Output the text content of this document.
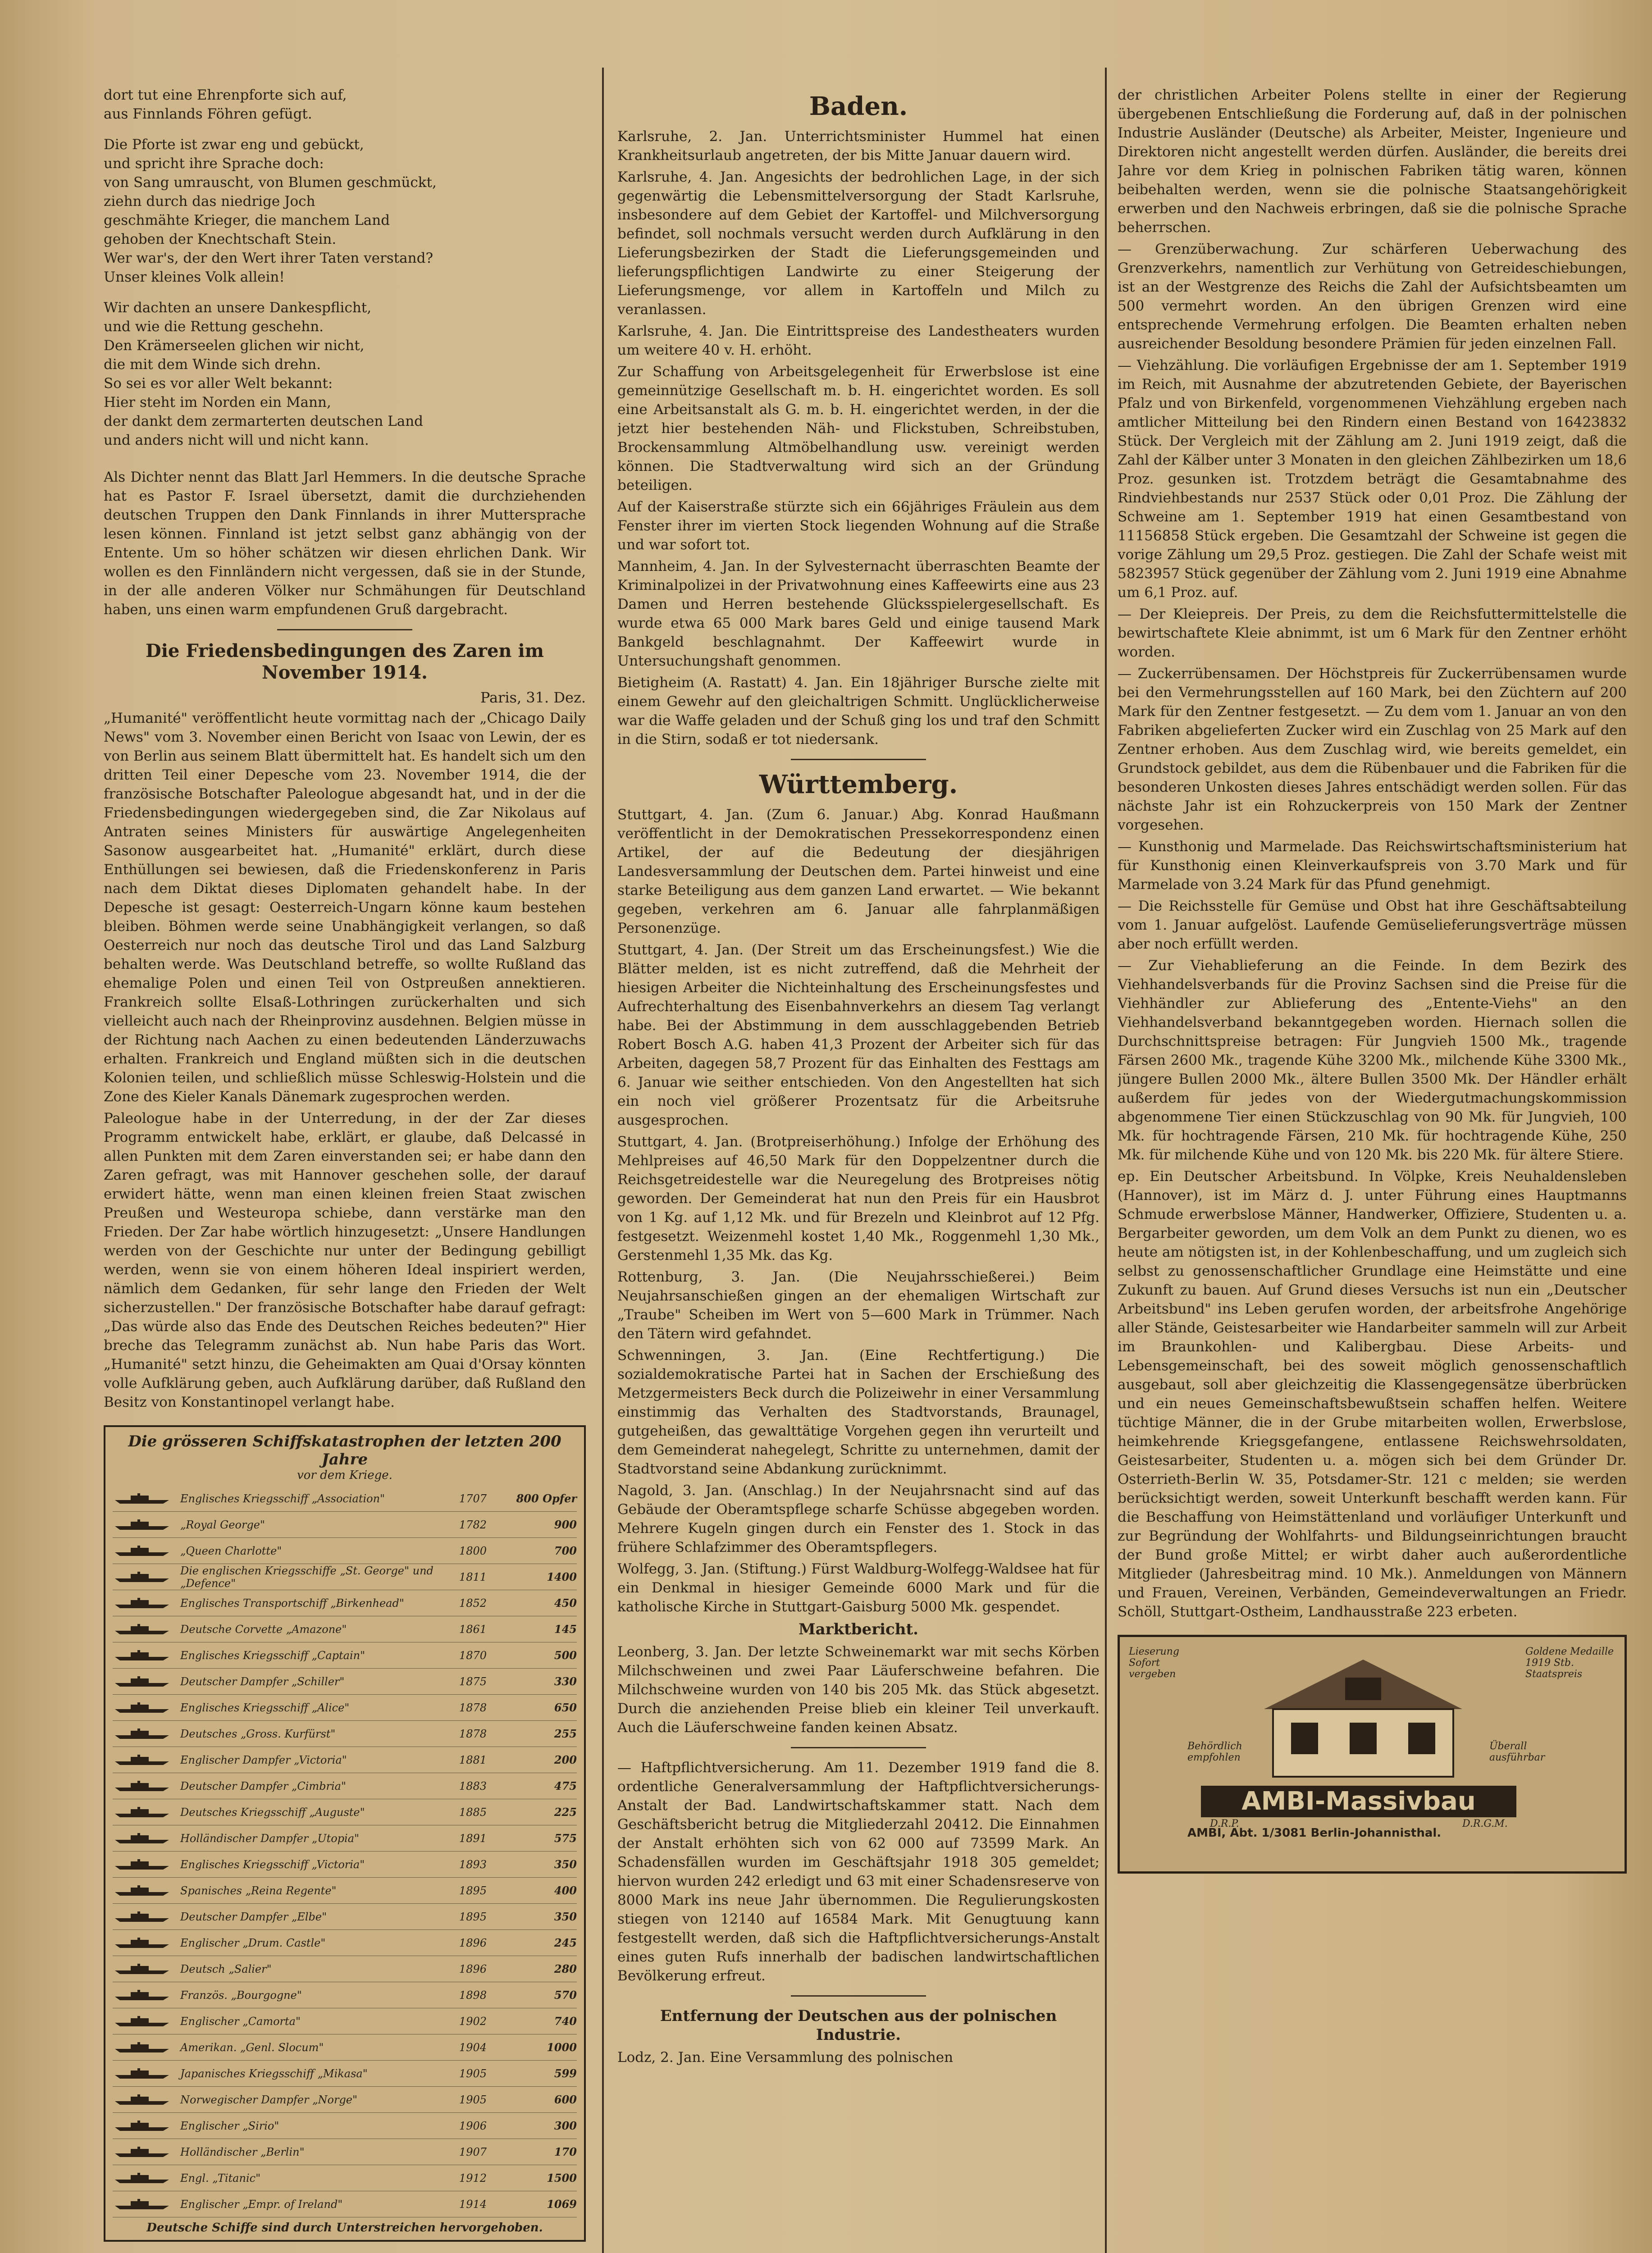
dort tut eine Ehrenpforte sich auf,

aus Finnlands Föhren gefügt.

Die Pforte ist zwar eng und gebückt,

und spricht ihre Sprache doch:

von Sang umrauscht, von Blumen geschmückt,

ziehn durch das niedrige Joch

geschmähte Krieger, die manchem Land

gehoben der Knechtschaft Stein.

Wer war's, der den Wert ihrer Taten verstand?

Unser kleines Volk allein!

Wir dachten an unsere Dankespflicht,

und wie die Rettung geschehn.

Den Krämerseelen glichen wir nicht,

die mit dem Winde sich drehn.

So sei es vor aller Welt bekannt:

Hier steht im Norden ein Mann,

der dankt dem zermarterten deutschen Land

und anders nicht will und nicht kann.

Als Dichter nennt das Blatt Jarl Hemmers. In die deutsche Sprache hat es Pastor F. Israel übersetzt, damit die durchziehenden deutschen Truppen den Dank Finnlands in ihrer Muttersprache lesen können. Finnland ist jetzt selbst ganz abhängig von der Entente. Um so höher schätzen wir diesen ehrlichen Dank. Wir wollen es den Finnländern nicht vergessen, daß sie in der Stunde, in der alle anderen Völker nur Schmähungen für Deutschland haben, uns einen warm empfundenen Gruß dargebracht.

Die Friedensbedingungen des Zaren im November 1914.

Paris, 31. Dez.

„Humanité" veröffentlicht heute vormittag nach der „Chicago Daily News" vom 3. November einen Bericht von Isaac von Lewin, der es von Berlin aus seinem Blatt übermittelt hat. Es handelt sich um den dritten Teil einer Depesche vom 23. November 1914, die der französische Botschafter Paleologue abgesandt hat, und in der die Friedensbedingungen wiedergegeben sind, die Zar Nikolaus auf Antraten seines Ministers für auswärtige Angelegenheiten Sasonow ausgearbeitet hat. „Humanité" erklärt, durch diese Enthüllungen sei bewiesen, daß die Friedenskonferenz in Paris nach dem Diktat dieses Diplomaten gehandelt habe. In der Depesche ist gesagt: Oesterreich-Ungarn könne kaum bestehen bleiben. Böhmen werde seine Unabhängigkeit verlangen, so daß Oesterreich nur noch das deutsche Tirol und das Land Salzburg behalten werde. Was Deutschland betreffe, so wollte Rußland das ehemalige Polen und einen Teil von Ostpreußen annektieren. Frankreich sollte Elsaß-Lothringen zurückerhalten und sich vielleicht auch nach der Rheinprovinz ausdehnen. Belgien müsse in der Richtung nach Aachen zu einen bedeutenden Länderzuwachs erhalten. Frankreich und England müßten sich in die deutschen Kolonien teilen, und schließlich müsse Schleswig-Holstein und die Zone des Kieler Kanals Dänemark zugesprochen werden.

Paleologue habe in der Unterredung, in der der Zar dieses Programm entwickelt habe, erklärt, er glaube, daß Delcassé in allen Punkten mit dem Zaren einverstanden sei; er habe dann den Zaren gefragt, was mit Hannover geschehen solle, der darauf erwidert hätte, wenn man einen kleinen freien Staat zwischen Preußen und Westeuropa schiebe, dann verstärke man den Frieden. Der Zar habe wörtlich hinzugesetzt: „Unsere Handlungen werden von der Geschichte nur unter der Bedingung gebilligt werden, wenn sie von einem höheren Ideal inspiriert werden, nämlich dem Gedanken, für sehr lange den Frieden der Welt sicherzustellen." Der französische Botschafter habe darauf gefragt: „Das würde also das Ende des Deutschen Reiches bedeuten?" Hier breche das Telegramm zunächst ab. Nun habe Paris das Wort. „Humanité" setzt hinzu, die Geheimakten am Quai d'Orsay könnten volle Aufklärung geben, auch Aufklärung darüber, daß Rußland den Besitz von Konstantinopel verlangt habe.

Die grösseren Schiffskatastrophen der letzten 200 Jahre
vor dem Kriege.
Englisches Kriegsschiff „Association"	1707	800 Opfer
„Royal George"	1782	900
„Queen Charlotte"	1800	700
Die englischen Kriegsschiffe „St. George" und „Defence"	1811	1400
Englisches Transportschiff „Birkenhead"	1852	450
Deutsche Corvette „Amazone"	1861	145
Englisches Kriegsschiff „Captain"	1870	500
Deutscher Dampfer „Schiller"	1875	330
Englisches Kriegsschiff „Alice"	1878	650
Deutsches „Gross. Kurfürst"	1878	255
Englischer Dampfer „Victoria"	1881	200
Deutscher Dampfer „Cimbria"	1883	475
Deutsches Kriegsschiff „Auguste"	1885	225
Holländischer Dampfer „Utopia"	1891	575
Englisches Kriegsschiff „Victoria"	1893	350
Spanisches „Reina Regente"	1895	400
Deutscher Dampfer „Elbe"	1895	350
Englischer „Drum. Castle"	1896	245
Deutsch „Salier"	1896	280
Französ. „Bourgogne"	1898	570
Englischer „Camorta"	1902	740
Amerikan. „Genl. Slocum"	1904	1000
Japanisches Kriegsschiff „Mikasa"	1905	599
Norwegischer Dampfer „Norge"	1905	600
Englischer „Sirio"	1906	300
Holländischer „Berlin"	1907	170
Engl. „Titanic"	1912	1500
Englischer „Empr. of Ireland"	1914	1069
Deutsche Schiffe sind durch Unterstreichen hervorgehoben.
Baden.

Karlsruhe, 2. Jan. Unterrichtsminister Hummel hat einen Krankheitsurlaub angetreten, der bis Mitte Januar dauern wird.

Karlsruhe, 4. Jan. Angesichts der bedrohlichen Lage, in der sich gegenwärtig die Lebensmittelversorgung der Stadt Karlsruhe, insbesondere auf dem Gebiet der Kartoffel- und Milchversorgung befindet, soll nochmals versucht werden durch Aufklärung in den Lieferungsbezirken der Stadt die Lieferungsgemeinden und lieferungspflichtigen Landwirte zu einer Steigerung der Lieferungsmenge, vor allem in Kartoffeln und Milch zu veranlassen.

Karlsruhe, 4. Jan. Die Eintrittspreise des Landestheaters wurden um weitere 40 v. H. erhöht.

Zur Schaffung von Arbeitsgelegenheit für Erwerbslose ist eine gemeinnützige Gesellschaft m. b. H. eingerichtet worden. Es soll eine Arbeitsanstalt als G. m. b. H. eingerichtet werden, in der die jetzt hier bestehenden Näh- und Flickstuben, Schreibstuben, Brockensammlung Altmöbelhandlung usw. vereinigt werden können. Die Stadtverwaltung wird sich an der Gründung beteiligen.

Auf der Kaiserstraße stürzte sich ein 66jähriges Fräulein aus dem Fenster ihrer im vierten Stock liegenden Wohnung auf die Straße und war sofort tot.

Mannheim, 4. Jan. In der Sylvesternacht überraschten Beamte der Kriminalpolizei in der Privatwohnung eines Kaffeewirts eine aus 23 Damen und Herren bestehende Glücksspielergesellschaft. Es wurde etwa 65 000 Mark bares Geld und einige tausend Mark Bankgeld beschlagnahmt. Der Kaffeewirt wurde in Untersuchungshaft genommen.

Bietigheim (A. Rastatt) 4. Jan. Ein 18jähriger Bursche zielte mit einem Gewehr auf den gleichaltrigen Schmitt. Unglücklicherweise war die Waffe geladen und der Schuß ging los und traf den Schmitt in die Stirn, sodaß er tot niedersank.

Württemberg.

Stuttgart, 4. Jan. (Zum 6. Januar.) Abg. Konrad Haußmann veröffentlicht in der Demokratischen Pressekorrespondenz einen Artikel, der auf die Bedeutung der diesjährigen Landesversammlung der Deutschen dem. Partei hinweist und eine starke Beteiligung aus dem ganzen Land erwartet. — Wie bekannt gegeben, verkehren am 6. Januar alle fahrplanmäßigen Personenzüge.

Stuttgart, 4. Jan. (Der Streit um das Erscheinungsfest.) Wie die Blätter melden, ist es nicht zutreffend, daß die Mehrheit der hiesigen Arbeiter die Nichteinhaltung des Erscheinungsfestes und Aufrechterhaltung des Eisenbahnverkehrs an diesem Tag verlangt habe. Bei der Abstimmung in dem ausschlaggebenden Betrieb Robert Bosch A.G. haben 41,3 Prozent der Arbeiter sich für das Arbeiten, dagegen 58,7 Prozent für das Einhalten des Festtags am 6. Januar wie seither entschieden. Von den Angestellten hat sich ein noch viel größerer Prozentsatz für die Arbeitsruhe ausgesprochen.

Stuttgart, 4. Jan. (Brotpreiserhöhung.) Infolge der Erhöhung des Mehlpreises auf 46,50 Mark für den Doppelzentner durch die Reichsgetreidestelle war die Neuregelung des Brotpreises nötig geworden. Der Gemeinderat hat nun den Preis für ein Hausbrot von 1 Kg. auf 1,12 Mk. und für Brezeln und Kleinbrot auf 12 Pfg. festgesetzt. Weizenmehl kostet 1,40 Mk., Roggenmehl 1,30 Mk., Gerstenmehl 1,35 Mk. das Kg.

Rottenburg, 3. Jan. (Die Neujahrsschießerei.) Beim Neujahrsanschießen gingen an der ehemaligen Wirtschaft zur „Traube" Scheiben im Wert von 5—600 Mark in Trümmer. Nach den Tätern wird gefahndet.

Schwenningen, 3. Jan. (Eine Rechtfertigung.) Die sozialdemokratische Partei hat in Sachen der Erschießung des Metzgermeisters Beck durch die Polizeiwehr in einer Versammlung einstimmig das Verhalten des Stadtvorstands, Braunagel, gutgeheißen, das gewalttätige Vorgehen gegen ihn verurteilt und dem Gemeinderat nahegelegt, Schritte zu unternehmen, damit der Stadtvorstand seine Abdankung zurücknimmt.

Nagold, 3. Jan. (Anschlag.) In der Neujahrsnacht sind auf das Gebäude der Oberamtspflege scharfe Schüsse abgegeben worden. Mehrere Kugeln gingen durch ein Fenster des 1. Stock in das frühere Schlafzimmer des Oberamtspflegers.

Wolfegg, 3. Jan. (Stiftung.) Fürst Waldburg-Wolfegg-Waldsee hat für ein Denkmal in hiesiger Gemeinde 6000 Mark und für die katholische Kirche in Stuttgart-Gaisburg 5000 Mk. gespendet.

Marktbericht.

Leonberg, 3. Jan. Der letzte Schweinemarkt war mit sechs Körben Milchschweinen und zwei Paar Läuferschweine befahren. Die Milchschweine wurden von 140 bis 205 Mk. das Stück abgesetzt. Durch die anziehenden Preise blieb ein kleiner Teil unverkauft. Auch die Läuferschweine fanden keinen Absatz.

— Haftpflichtversicherung. Am 11. Dezember 1919 fand die 8. ordentliche Generalversammlung der Haftpflichtversicherungs-Anstalt der Bad. Landwirtschaftskammer statt. Nach dem Geschäftsbericht betrug die Mitgliederzahl 20412. Die Einnahmen der Anstalt erhöhten sich von 62 000 auf 73599 Mark. An Schadensfällen wurden im Geschäftsjahr 1918 305 gemeldet; hiervon wurden 242 erledigt und 63 mit einer Schadensreserve von 8000 Mark ins neue Jahr übernommen. Die Regulierungskosten stiegen von 12140 auf 16584 Mark. Mit Genugtuung kann festgestellt werden, daß sich die Haftpflichtversicherungs-Anstalt eines guten Rufs innerhalb der badischen landwirtschaftlichen Bevölkerung erfreut.

Entfernung der Deutschen aus der polnischen Industrie.

Lodz, 2. Jan. Eine Versammlung des polnischen

der christlichen Arbeiter Polens stellte in einer der Regierung übergebenen Entschließung die Forderung auf, daß in der polnischen Industrie Ausländer (Deutsche) als Arbeiter, Meister, Ingenieure und Direktoren nicht angestellt werden dürfen. Ausländer, die bereits drei Jahre vor dem Krieg in polnischen Fabriken tätig waren, können beibehalten werden, wenn sie die polnische Staatsangehörigkeit erwerben und den Nachweis erbringen, daß sie die polnische Sprache beherrschen.

— Grenzüberwachung. Zur schärferen Ueberwachung des Grenzverkehrs, namentlich zur Verhütung von Getreideschiebungen, ist an der Westgrenze des Reichs die Zahl der Aufsichtsbeamten um 500 vermehrt worden. An den übrigen Grenzen wird eine entsprechende Vermehrung erfolgen. Die Beamten erhalten neben ausreichender Besoldung besondere Prämien für jeden einzelnen Fall.

— Viehzählung. Die vorläufigen Ergebnisse der am 1. September 1919 im Reich, mit Ausnahme der abzutretenden Gebiete, der Bayerischen Pfalz und von Birkenfeld, vorgenommenen Viehzählung ergeben nach amtlicher Mitteilung bei den Rindern einen Bestand von 16423832 Stück. Der Vergleich mit der Zählung am 2. Juni 1919 zeigt, daß die Zahl der Kälber unter 3 Monaten in den gleichen Zählbezirken um 18,6 Proz. gesunken ist. Trotzdem beträgt die Gesamtabnahme des Rindviehbestands nur 2537 Stück oder 0,01 Proz. Die Zählung der Schweine am 1. September 1919 hat einen Gesamtbestand von 11156858 Stück ergeben. Die Gesamtzahl der Schweine ist gegen die vorige Zählung um 29,5 Proz. gestiegen. Die Zahl der Schafe weist mit 5823957 Stück gegenüber der Zählung vom 2. Juni 1919 eine Abnahme um 6,1 Proz. auf.

— Der Kleiepreis. Der Preis, zu dem die Reichsfuttermittelstelle die bewirtschaftete Kleie abnimmt, ist um 6 Mark für den Zentner erhöht worden.

— Zuckerrübensamen. Der Höchstpreis für Zuckerrübensamen wurde bei den Vermehrungsstellen auf 160 Mark, bei den Züchtern auf 200 Mark für den Zentner festgesetzt. — Zu dem vom 1. Januar an von den Fabriken abgelieferten Zucker wird ein Zuschlag von 25 Mark auf den Zentner erhoben. Aus dem Zuschlag wird, wie bereits gemeldet, ein Grundstock gebildet, aus dem die Rübenbauer und die Fabriken für die besonderen Unkosten dieses Jahres entschädigt werden sollen. Für das nächste Jahr ist ein Rohzuckerpreis von 150 Mark der Zentner vorgesehen.

— Kunsthonig und Marmelade. Das Reichswirtschaftsministerium hat für Kunsthonig einen Kleinverkaufspreis von 3.70 Mark und für Marmelade von 3.24 Mark für das Pfund genehmigt.

— Die Reichsstelle für Gemüse und Obst hat ihre Geschäftsabteilung vom 1. Januar aufgelöst. Laufende Gemüselieferungsverträge müssen aber noch erfüllt werden.

— Zur Viehablieferung an die Feinde. In dem Bezirk des Viehhandelsverbands für die Provinz Sachsen sind die Preise für die Viehhändler zur Ablieferung des „Entente-Viehs" an den Viehhandelsverband bekanntgegeben worden. Hiernach sollen die Durchschnittspreise betragen: Für Jungvieh 1500 Mk., tragende Färsen 2600 Mk., tragende Kühe 3200 Mk., milchende Kühe 3300 Mk., jüngere Bullen 2000 Mk., ältere Bullen 3500 Mk. Der Händler erhält außerdem für jedes von der Wiedergutmachungskommission abgenommene Tier einen Stückzuschlag von 90 Mk. für Jungvieh, 100 Mk. für hochtragende Färsen, 210 Mk. für hochtragende Kühe, 250 Mk. für milchende Kühe und von 120 Mk. bis 220 Mk. für ältere Stiere.

ep. Ein Deutscher Arbeitsbund. In Völpke, Kreis Neuhaldensleben (Hannover), ist im März d. J. unter Führung eines Hauptmanns Schmude erwerbslose Männer, Handwerker, Offiziere, Studenten u. a. Bergarbeiter geworden, um dem Volk an dem Punkt zu dienen, wo es heute am nötigsten ist, in der Kohlenbeschaffung, und um zugleich sich selbst zu genossenschaftlicher Grundlage eine Heimstätte und eine Zukunft zu bauen. Auf Grund dieses Versuchs ist nun ein „Deutscher Arbeitsbund" ins Leben gerufen worden, der arbeitsfrohe Angehörige aller Stände, Geistesarbeiter wie Handarbeiter sammeln will zur Arbeit im Braunkohlen- und Kalibergbau. Diese Arbeits- und Lebensgemeinschaft, bei des soweit möglich genossenschaftlich ausgebaut, soll aber gleichzeitig die Klassengegensätze überbrücken und ein neues Gemeinschaftsbewußtsein schaffen helfen. Weitere tüchtige Männer, die in der Grube mitarbeiten wollen, Erwerbslose, heimkehrende Kriegsgefangene, entlassene Reichswehrsoldaten, Geistesarbeiter, Studenten u. a. mögen sich bei dem Gründer Dr. Osterrieth-Berlin W. 35, Potsdamer-Str. 121 c melden; sie werden berücksichtigt werden, soweit Unterkunft beschafft werden kann. Für die Beschaffung von Heimstättenland und vorläufiger Unterkunft und zur Begründung der Wohlfahrts- und Bildungseinrichtungen braucht der Bund große Mittel; er wirbt daher auch außerordentliche Mitglieder (Jahresbeitrag mind. 10 Mk.). Anmeldungen von Männern und Frauen, Vereinen, Verbänden, Gemeindeverwaltungen an Friedr. Schöll, Stuttgart-Ostheim, Landhausstraße 223 erbeten.

Lieserung Sofort vergeben
Goldene Medaille 1919 Stb. Staatspreis
Behördlich empfohlen
Überall ausführbar
AMBI-Massivbau
D.R.P.	D.R.G.M.
AMBI, Abt. 1/3081 Berlin-Johannisthal.
